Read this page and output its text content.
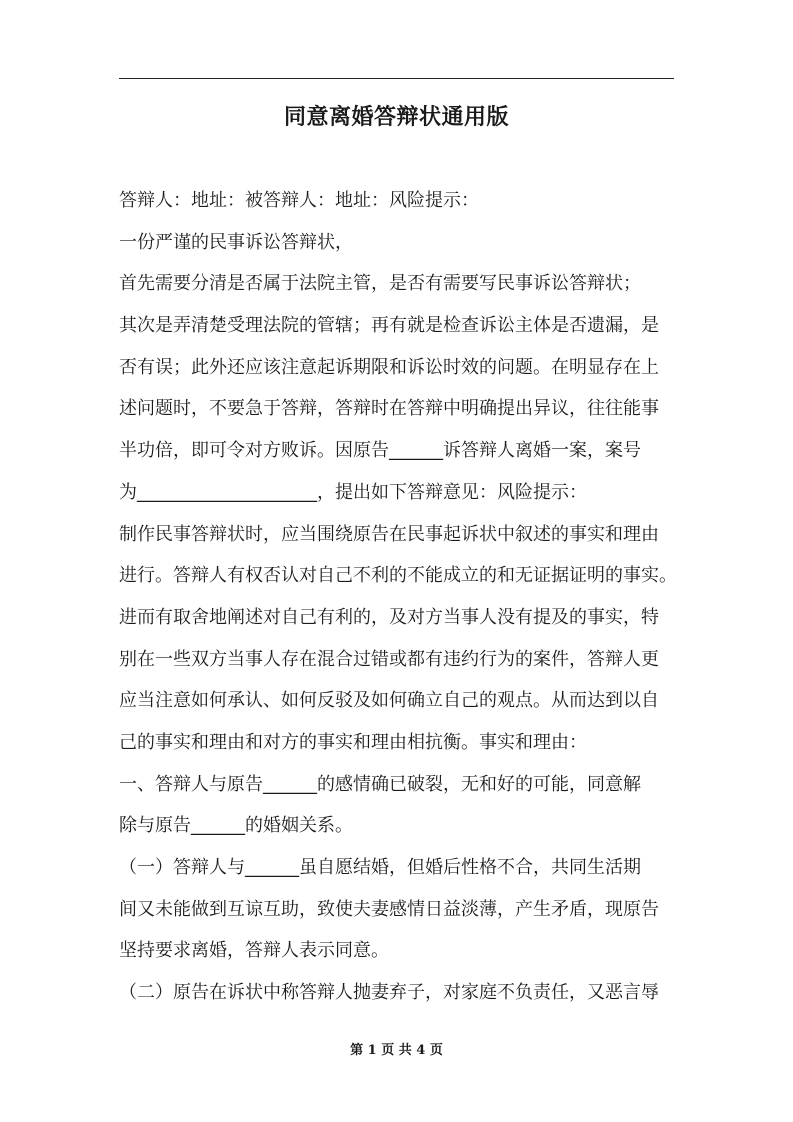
同意离婚答辩状通用版
答辩人：地址：被答辩人：地址：风险提示：
一份严谨的民事诉讼答辩状，
首先需要分清是否属于法院主管，是否有需要写民事诉讼答辩状；
其次是弄清楚受理法院的管辖；再有就是检查诉讼主体是否遗漏，是
否有误；此外还应该注意起诉期限和诉讼时效的问题。在明显存在上
述问题时，不要急于答辩，答辩时在答辩中明确提出异议，往往能事
半功倍，即可令对方败诉。因原告______诉答辩人离婚一案，案号
为____________________，提出如下答辩意见：风险提示：
制作民事答辩状时，应当围绕原告在民事起诉状中叙述的事实和理由
进行。答辩人有权否认对自己不利的不能成立的和无证据证明的事实。
进而有取舍地阐述对自己有利的，及对方当事人没有提及的事实，特
别在一些双方当事人存在混合过错或都有违约行为的案件，答辩人更
应当注意如何承认、如何反驳及如何确立自己的观点。从而达到以自
己的事实和理由和对方的事实和理由相抗衡。事实和理由：
一、答辩人与原告______的感情确已破裂，无和好的可能，同意解
除与原告______的婚姻关系。
（一）答辩人与______虽自愿结婚，但婚后性格不合，共同生活期
间又未能做到互谅互助，致使夫妻感情日益淡薄，产生矛盾，现原告
坚持要求离婚，答辩人表示同意。
（二）原告在诉状中称答辩人抛妻弃子，对家庭不负责任，又恶言辱
第 1 页 共 4 页
